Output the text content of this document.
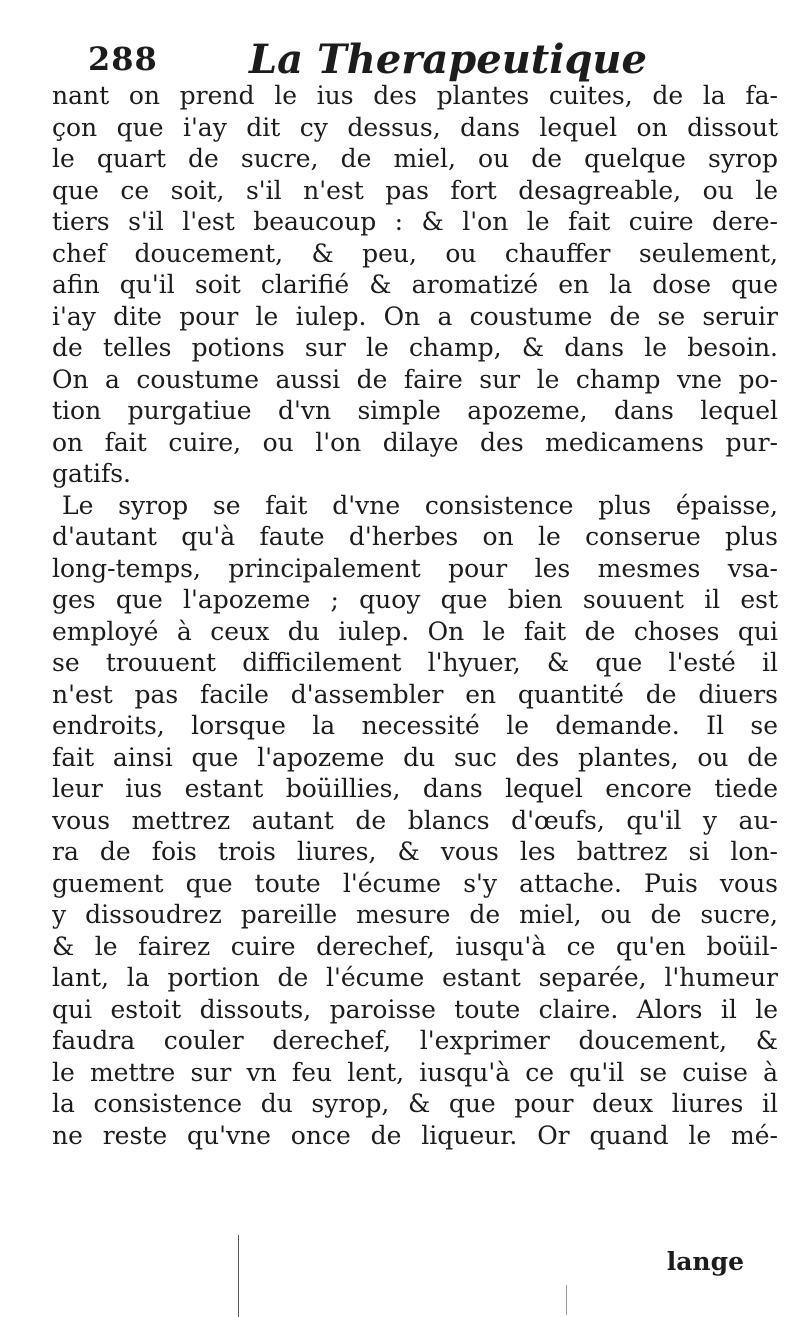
288	La Therapeutique
nant on prend le ius des plantes cuites, de la fa-
çon que i'ay dit cy dessus, dans lequel on dissout
le quart de sucre, de miel, ou de quelque syrop
que ce soit, s'il n'est pas fort desagreable, ou le
tiers s'il l'est beaucoup : & l'on le fait cuire dere-
chef doucement, & peu, ou chauffer seulement,
afin qu'il soit clarifié & aromatizé en la dose que
i'ay dite pour le iulep. On a coustume de se seruir
de telles potions sur le champ, & dans le besoin.
On a coustume aussi de faire sur le champ vne po-
tion purgatiue d'vn simple apozeme, dans lequel
on fait cuire, ou l'on dilaye des medicamens pur-
gatifs.
Le syrop se fait d'vne consistence plus épaisse,
d'autant qu'à faute d'herbes on le conserue plus
long-temps, principalement pour les mesmes vsa-
ges que l'apozeme ; quoy que bien souuent il est
employé à ceux du iulep. On le fait de choses qui
se trouuent difficilement l'hyuer, & que l'esté il
n'est pas facile d'assembler en quantité de diuers
endroits, lorsque la necessité le demande. Il se
fait ainsi que l'apozeme du suc des plantes, ou de
leur ius estant boüillies, dans lequel encore tiede
vous mettrez autant de blancs d'œufs, qu'il y au-
ra de fois trois liures, & vous les battrez si lon-
guement que toute l'écume s'y attache. Puis vous
y dissoudrez pareille mesure de miel, ou de sucre,
& le fairez cuire derechef, iusqu'à ce qu'en boüil-
lant, la portion de l'écume estant separée, l'humeur
qui estoit dissouts, paroisse toute claire. Alors il le
faudra couler derechef, l'exprimer doucement, &
le mettre sur vn feu lent, iusqu'à ce qu'il se cuise à
la consistence du syrop, & que pour deux liures il
ne reste qu'vne once de liqueur. Or quand le mé-
lange
